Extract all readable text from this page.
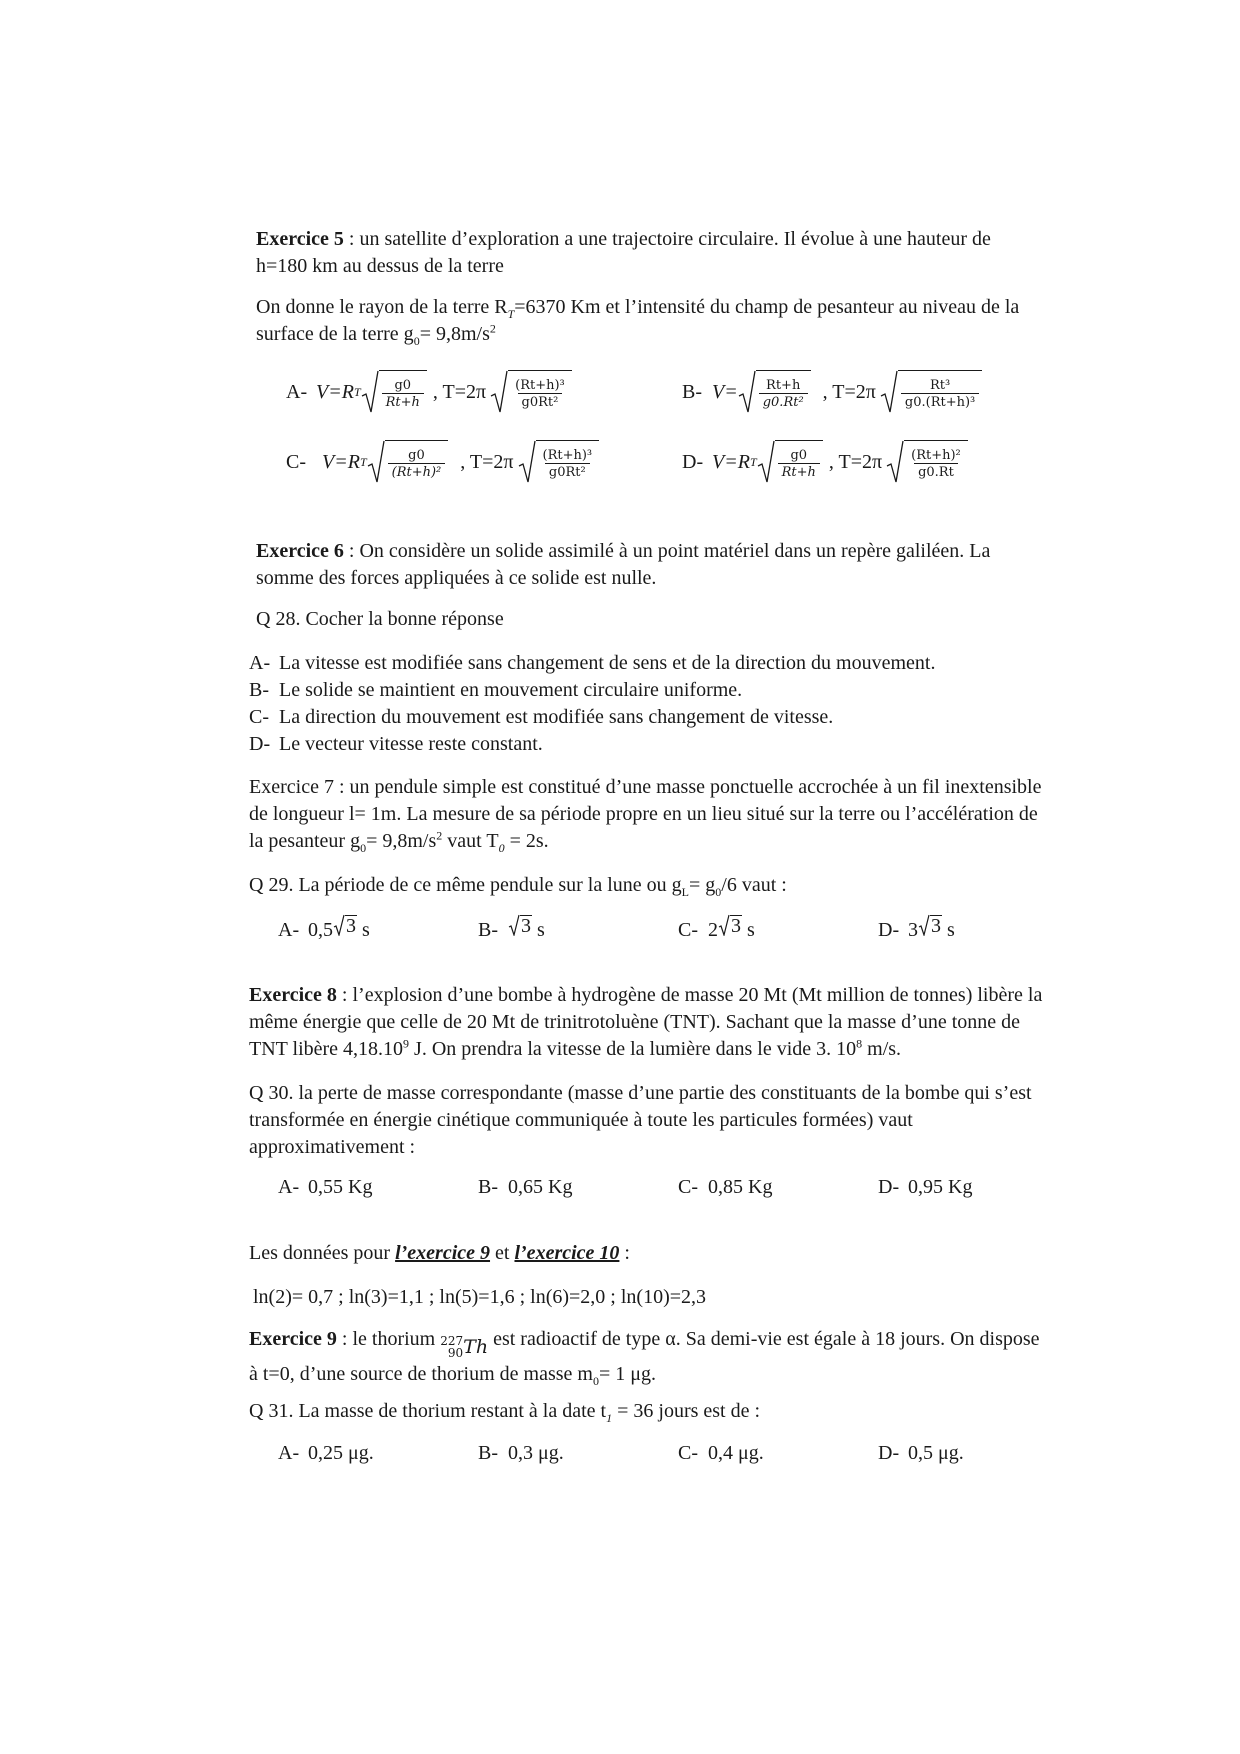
Exercice 5 : un satellite d’exploration a une trajectoire circulaire. Il évolue à une hauteur de h=180 km au dessus de la terre

On donne le rayon de la terre $R_T=6370$ Km et l’intensité du champ de pesanteur au niveau de la surface de la terre $g_0= 9,8m/s^2$

A- V=R T $\frac{g0}{Rt+h}$ , T=2π	$\frac{\text{(Rt+h)³}}{\text{g0Rt²}}$	B- $V= \frac{Rt+h}{\text{g0.Rt²}}$ , T=2π	$\frac{\text{Rt³}}{\text{g0.(Rt+h)³}}$
C- V=R T $\frac{g0}{\text{(Rt+h)²}}$ , T=2π	$\frac{\text{(Rt+h)³}}{\text{g0Rt²}}$	D- V=R T $\frac{g0}{Rt+h}$ , T=2π	$\frac{\text{(Rt+h)²}}{g0.Rt}$

Exercice 6 : On considère un solide assimilé à un point matériel dans un repère galiléen. La somme des forces appliquées à ce solide est nulle.

Q 28. Cocher la bonne réponse

A- La vitesse est modifiée sans changement de sens et de la direction du mouvement.
B- Le solide se maintient en mouvement circulaire uniforme.
C- La direction du mouvement est modifiée sans changement de vitesse.
D- Le vecteur vitesse reste constant.

Exercice 7 : un pendule simple est constitué d’une masse ponctuelle accrochée à un fil inextensible de longueur l= 1m. La mesure de sa période propre en un lieu situé sur la terre ou l’accélération de la pesanteur $g_0= 9,8m/s^2$ vaut $T_0 = 2s$.

Q 29. La période de ce même pendule sur la lune ou $g_L= g_0/6$ vaut :

A- 0,5 3 s	B- 3 s	C- 2 3 s	D- 3 3 s

Exercice 8 : l’explosion d’une bombe à hydrogène de masse 20 Mt (Mt million de tonnes) libère la même énergie que celle de 20 Mt de trinitrotoluène (TNT). Sachant que la masse d’une tonne de TNT libère 4,18.10$^9$ J. On prendra la vitesse de la lumière dans le vide 3. $10^8$ m/s.

Q 30. la perte de masse correspondante (masse d’une partie des constituants de la bombe qui s’est transformée en énergie cinétique communiquée à toute les particules formées) vaut approximativement :

A- 0,55 Kg	B- 0,65 Kg	C- 0,85 Kg	D- 0,95 Kg

Les données pour l’exercice 9 et l’exercice 10 :

ln(2)= 0,7 ; ln(3)=1,1 ; ln(5)=1,6 ; ln(6)=2,0 ; ln(10)=2,3

Exercice 9 : le thorium 227
90 Th est radioactif de type α. Sa demi-vie est égale à 18 jours. On dispose à t=0, d’une source de thorium de masse $m_0= 1$ μg.

Q 31. La masse de thorium restant à la date $t_1 = 36$ jours est de :

A- 0,25 μg.	B- 0,3 μg.	C- 0,4 μg.	D- 0,5 μg.
